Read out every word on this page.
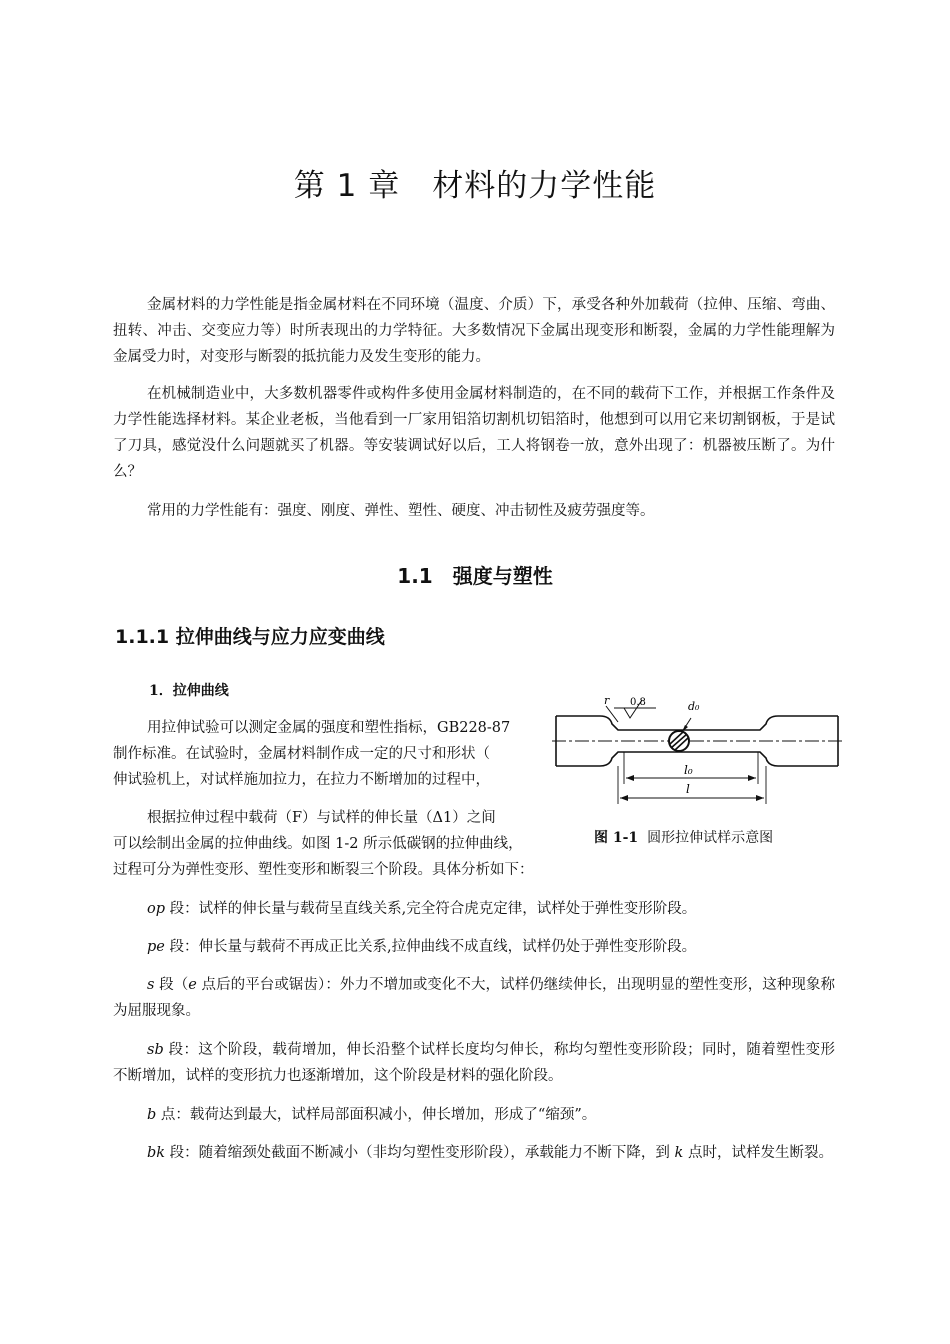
第 1 章　材料的力学性能

金属材料的力学性能是指金属材料在不同环境（温度、介质）下，承受各种外加载荷（拉伸、压缩、弯曲、扭转、冲击、交变应力等）时所表现出的力学特征。大多数情况下金属出现变形和断裂，金属的力学性能理解为金属受力时，对变形与断裂的抵抗能力及发生变形的能力。

在机械制造业中，大多数机器零件或构件多使用金属材料制造的，在不同的载荷下工作，并根据工作条件及力学性能选择材料。某企业老板，当他看到一厂家用铝箔切割机切铝箔时，他想到可以用它来切割钢板，于是试了刀具，感觉没什么问题就买了机器。等安装调试好以后，工人将钢卷一放，意外出现了：机器被压断了。为什么？

常用的力学性能有：强度、刚度、弹性、塑性、硬度、冲击韧性及疲劳强度等。

1.1　强度与塑性
1.1.1 拉伸曲线与应力应变曲线
1．拉伸曲线
用拉伸试验可以测定金属的强度和塑性指标，GB228-87
制作标准。在试验时，金属材料制作成一定的尺寸和形状（
伸试验机上，对试样施加拉力，在拉力不断增加的过程中，
根据拉伸过程中载荷（F）与试样的伸长量（Δ1）之间
可以绘制出金属的拉伸曲线。如图 1-2 所示低碳钢的拉伸曲线，
过程可分为弹性变形、塑性变形和断裂三个阶段。具体分析如下：
d₀
r 0.8
l₀
l
图 1-1 圆形拉伸试样示意图

op 段：试样的伸长量与载荷呈直线关系,完全符合虎克定律，试样处于弹性变形阶段。

pe 段：伸长量与载荷不再成正比关系,拉伸曲线不成直线，试样仍处于弹性变形阶段。

s 段（e 点后的平台或锯齿）：外力不增加或变化不大，试样仍继续伸长，出现明显的塑性变形，这种现象称为屈服现象。

sb 段：这个阶段，载荷增加，伸长沿整个试样长度均匀伸长，称均匀塑性变形阶段；同时，随着塑性变形不断增加，试样的变形抗力也逐渐增加，这个阶段是材料的强化阶段。

b 点：载荷达到最大，试样局部面积减小，伸长增加，形成了“缩颈”。

bk 段：随着缩颈处截面不断减小（非均匀塑性变形阶段），承载能力不断下降，到 k 点时，试样发生断裂。
